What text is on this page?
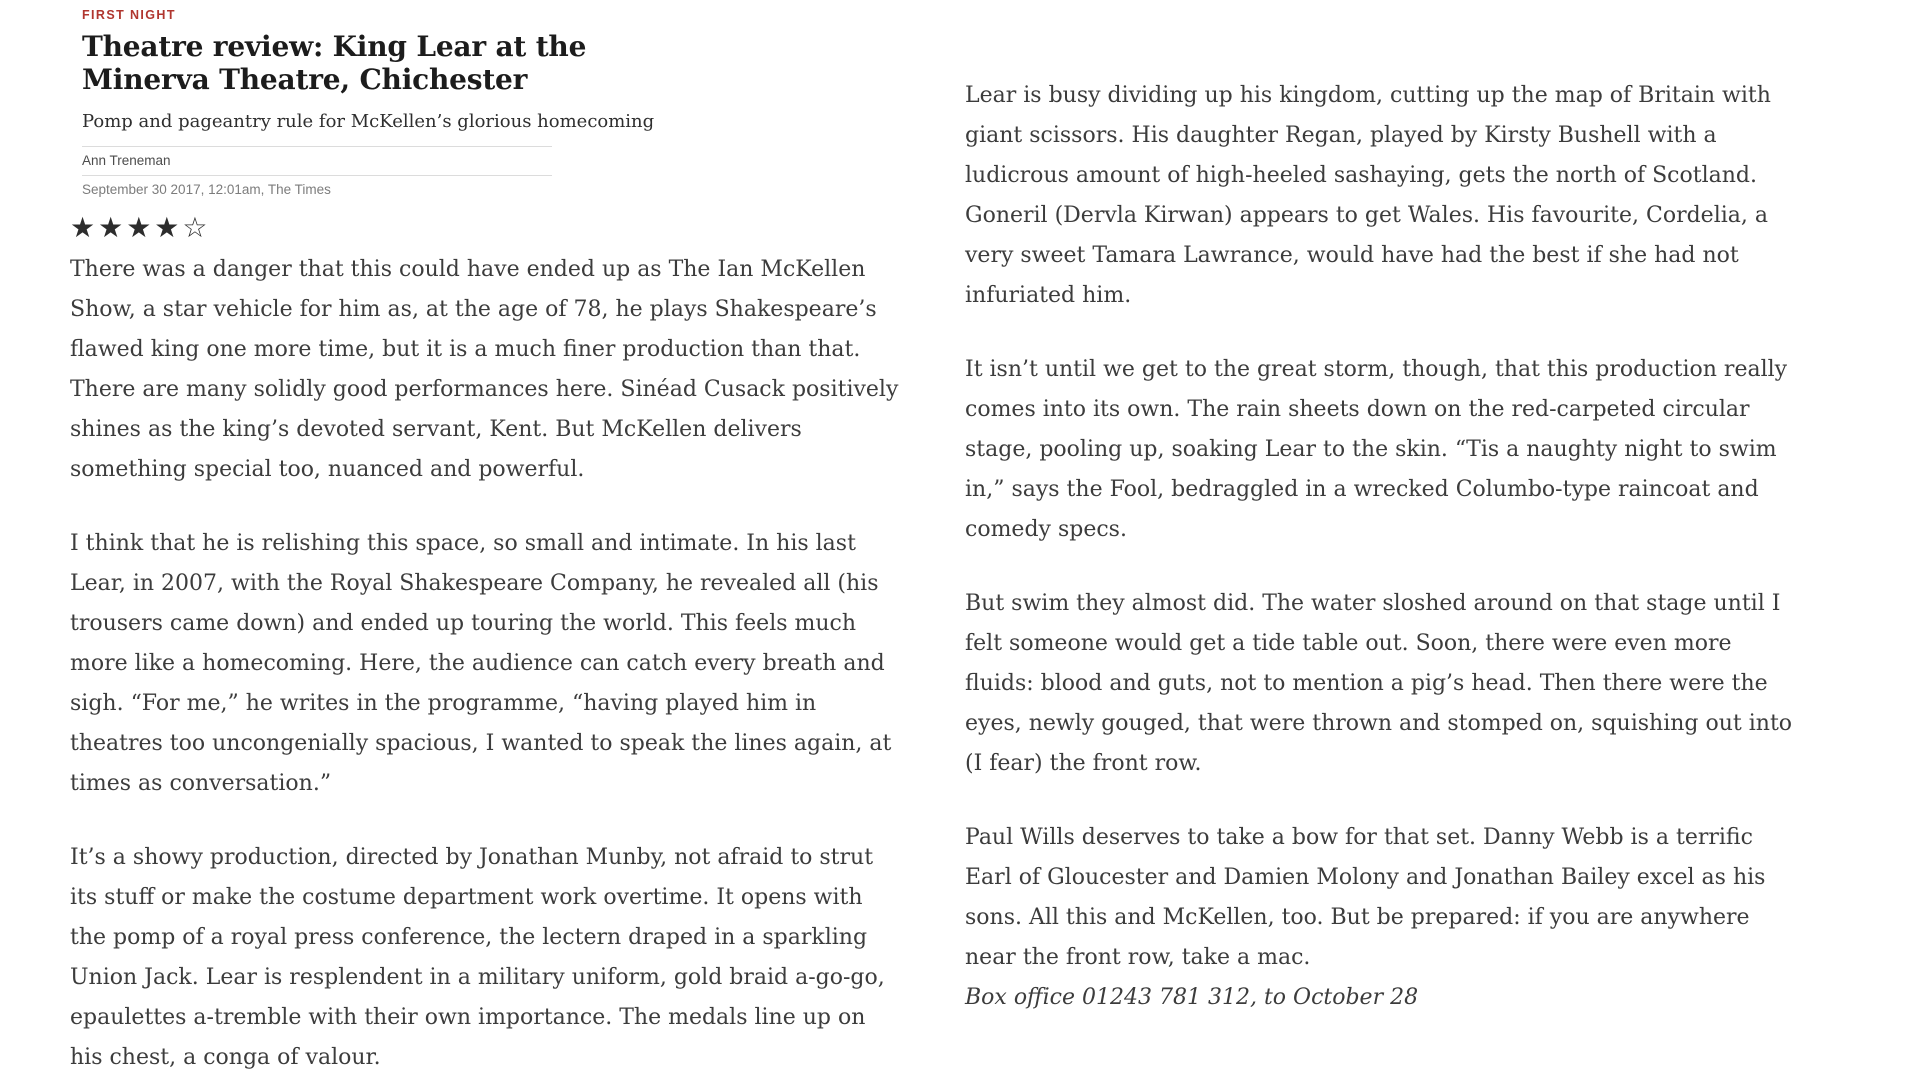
FIRST NIGHT
Theatre review: King Lear at the Minerva Theatre, Chichester

Pomp and pageantry rule for McKellen’s glorious homecoming

Ann Treneman
September 30 2017, 12:01am, The Times
★★★★☆

There was a danger that this could have ended up as The Ian McKellen Show, a star vehicle for him as, at the age of 78, he plays Shakespeare’s flawed king one more time, but it is a much finer production than that. There are many solidly good performances here. Sinéad Cusack positively shines as the king’s devoted servant, Kent. But McKellen delivers something special too, nuanced and powerful.

I think that he is relishing this space, so small and intimate. In his last Lear, in 2007, with the Royal Shakespeare Company, he revealed all (his trousers came down) and ended up touring the world. This feels much more like a homecoming. Here, the audience can catch every breath and sigh. “For me,” he writes in the programme, “having played him in theatres too uncongenially spacious, I wanted to speak the lines again, at times as conversation.”

It’s a showy production, directed by Jonathan Munby, not afraid to strut its stuff or make the costume department work overtime. It opens with the pomp of a royal press conference, the lectern draped in a sparkling Union Jack. Lear is resplendent in a military uniform, gold braid a-go-go, epaulettes a-tremble with their own importance. The medals line up on his chest, a conga of valour.

Lear is busy dividing up his kingdom, cutting up the map of Britain with giant scissors. His daughter Regan, played by Kirsty Bushell with a ludicrous amount of high-heeled sashaying, gets the north of Scotland. Goneril (Dervla Kirwan) appears to get Wales. His favourite, Cordelia, a very sweet Tamara Lawrance, would have had the best if she had not infuriated him.

It isn’t until we get to the great storm, though, that this production really comes into its own. The rain sheets down on the red-carpeted circular stage, pooling up, soaking Lear to the skin. “Tis a naughty night to swim in,” says the Fool, bedraggled in a wrecked Columbo-type raincoat and comedy specs.

But swim they almost did. The water sloshed around on that stage until I felt someone would get a tide table out. Soon, there were even more fluids: blood and guts, not to mention a pig’s head. Then there were the eyes, newly gouged, that were thrown and stomped on, squishing out into (I fear) the front row.

Paul Wills deserves to take a bow for that set. Danny Webb is a terrific Earl of Gloucester and Damien Molony and Jonathan Bailey excel as his sons. All this and McKellen, too. But be prepared: if you are anywhere near the front row, take a mac.

Box office 01243 781 312, to October 28
